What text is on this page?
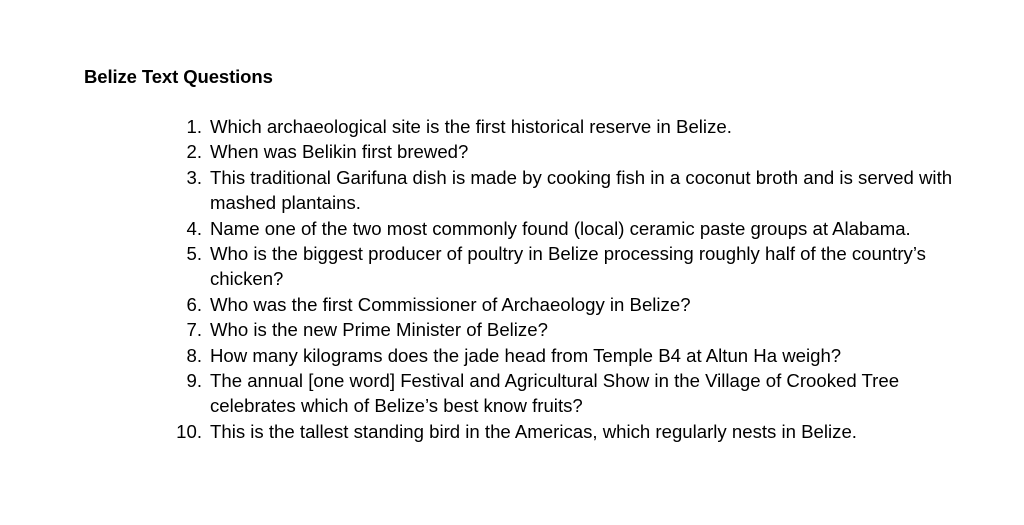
Belize Text Questions
1. Which archaeological site is the first historical reserve in Belize.
2. When was Belikin first brewed?
3. This traditional Garifuna dish is made by cooking fish in a coconut broth and is served with mashed plantains.
4. Name one of the two most commonly found (local) ceramic paste groups at Alabama.
5. Who is the biggest producer of poultry in Belize processing roughly half of the country’s chicken?
6. Who was the first Commissioner of Archaeology in Belize?
7. Who is the new Prime Minister of Belize?
8. How many kilograms does the jade head from Temple B4 at Altun Ha weigh?
9. The annual [one word] Festival and Agricultural Show in the Village of Crooked Tree celebrates which of Belize’s best know fruits?
10. This is the tallest standing bird in the Americas, which regularly nests in Belize.
